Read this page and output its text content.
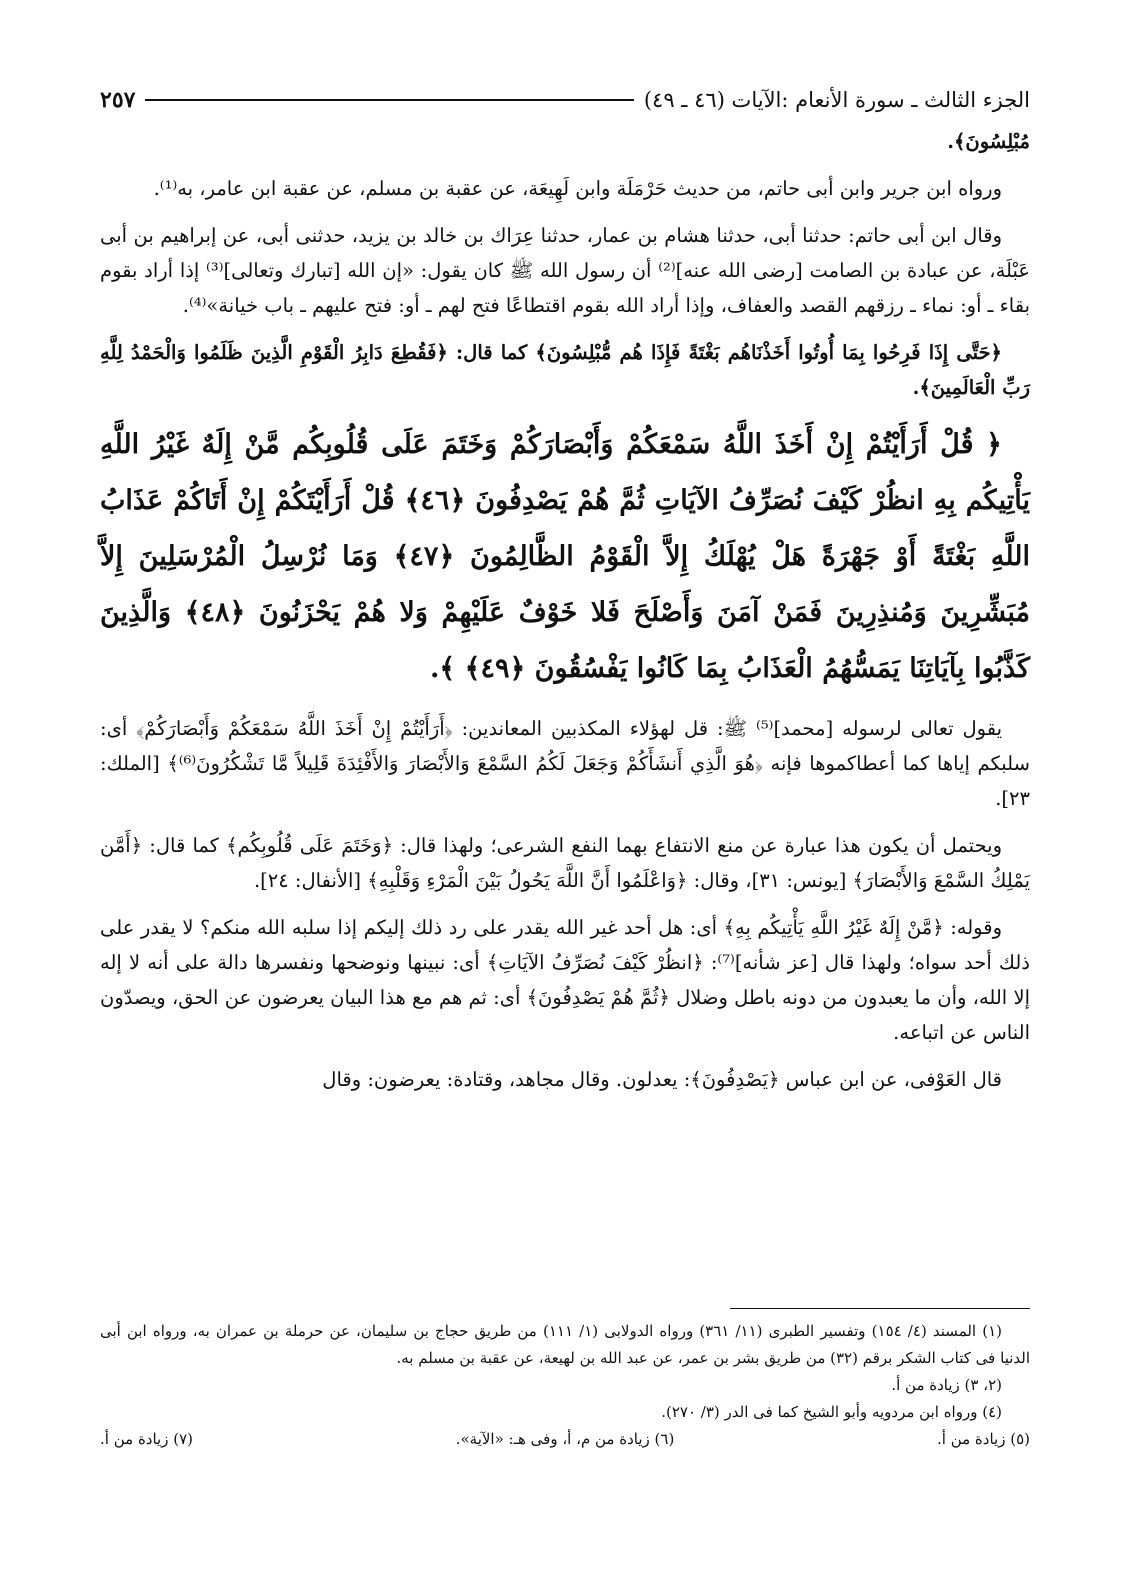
الجزء الثالث ـ سورة الأنعام :الآيات (٤٦ ـ ٤٩)
٢٥٧

مُبْلِسُونَ﴾.

ورواه ابن جرير وابن أبى حاتم، من حديث حَرْمَلَة وابن لَهِيعَة، عن عقبة بن مسلم، عن عقبة ابن عامر، به⁽¹⁾.

وقال ابن أبى حاتم: حدثنا أبى، حدثنا هشام بن عمار، حدثنا عِرَاك بن خالد بن يزيد، حدثنى أبى، عن إبراهيم بن أبى عَبْلَة، عن عبادة بن الصامت [رضى الله عنه]⁽²⁾ أن رسول الله ﷺ كان يقول: «إن الله [تبارك وتعالى]⁽³⁾ إذا أراد بقوم بقاء ـ أو: نماء ـ رزقهم القصد والعفاف، وإذا أراد الله بقوم اقتطاعًا فتح لهم ـ أو: فتح عليهم ـ باب خيانة»⁽⁴⁾.

﴿حَتَّى إِذَا فَرِحُوا بِمَا أُوتُوا أَخَذْنَاهُم بَغْتَةً فَإِذَا هُم مُّبْلِسُونَ﴾ كما قال: ﴿فَقُطِعَ دَابِرُ الْقَوْمِ الَّذِينَ ظَلَمُوا وَالْحَمْدُ لِلَّهِ رَبِّ الْعَالَمِينَ﴾.

﴿ قُلْ أَرَأَيْتُمْ إِنْ أَخَذَ اللَّهُ سَمْعَكُمْ وَأَبْصَارَكُمْ وَخَتَمَ عَلَى قُلُوبِكُم مَّنْ إِلَهٌ غَيْرُ اللَّهِ يَأْتِيكُم بِهِ انظُرْ كَيْفَ نُصَرِّفُ الآيَاتِ ثُمَّ هُمْ يَصْدِفُونَ ﴿٤٦﴾ قُلْ أَرَأَيْتَكُمْ إِنْ أَتَاكُمْ عَذَابُ اللَّهِ بَغْتَةً أَوْ جَهْرَةً هَلْ يُهْلَكُ إِلاَّ الْقَوْمُ الظَّالِمُونَ ﴿٤٧﴾ وَمَا نُرْسِلُ الْمُرْسَلِينَ إِلاَّ مُبَشِّرِينَ وَمُنذِرِينَ فَمَنْ آمَنَ وَأَصْلَحَ فَلا خَوْفٌ عَلَيْهِمْ وَلا هُمْ يَحْزَنُونَ ﴿٤٨﴾ وَالَّذِينَ كَذَّبُوا بِآيَاتِنَا يَمَسُّهُمُ الْعَذَابُ بِمَا كَانُوا يَفْسُقُونَ ﴿٤٩﴾ ﴾.

يقول تعالى لرسوله [محمد]⁽⁵⁾ ﷺ: قل لهؤلاء المكذبين المعاندين: ﴿أَرَأَيْتُمْ إِنْ أَخَذَ اللَّهُ سَمْعَكُمْ وَأَبْصَارَكُمْ﴾ أى: سلبكم إياها كما أعطاكموها فإنه ﴿هُوَ الَّذِي أَنشَأَكُمْ وَجَعَلَ لَكُمُ السَّمْعَ وَالأَبْصَارَ وَالأَفْئِدَةَ قَلِيلاً مَّا تَشْكُرُونَ⁽⁶⁾﴾ [الملك: ٢٣].

ويحتمل أن يكون هذا عبارة عن منع الانتفاع بهما النفع الشرعى؛ ولهذا قال: ﴿وَخَتَمَ عَلَى قُلُوبِكُم﴾ كما قال: ﴿أَمَّن يَمْلِكُ السَّمْعَ وَالأَبْصَارَ﴾ [يونس: ٣١]، وقال: ﴿وَاعْلَمُوا أَنَّ اللَّهَ يَحُولُ بَيْنَ الْمَرْءِ وَقَلْبِهِ﴾ [الأنفال: ٢٤].

وقوله: ﴿مَّنْ إِلَهٌ غَيْرُ اللَّهِ يَأْتِيكُم بِهِ﴾ أى: هل أحد غير الله يقدر على رد ذلك إليكم إذا سلبه الله منكم؟ لا يقدر على ذلك أحد سواه؛ ولهذا قال [عز شأنه]⁽⁷⁾: ﴿انظُرْ كَيْفَ نُصَرِّفُ الآيَاتِ﴾ أى: نبينها ونوضحها ونفسرها دالة على أنه لا إله إلا الله، وأن ما يعبدون من دونه باطل وضلال ﴿ثُمَّ هُمْ يَصْدِفُونَ﴾ أى: ثم هم مع هذا البيان يعرضون عن الحق، ويصدّون الناس عن اتباعه.

قال العَوْفى، عن ابن عباس ﴿يَصْدِفُونَ﴾: يعدلون. وقال مجاهد، وقتادة: يعرضون: وقال

(١) المسند (٤/ ١٥٤) وتفسير الطبرى (١١/ ٣٦١) ورواه الدولابى (١/ ١١١) من طريق حجاج بن سليمان، عن حرملة بن عمران به، ورواه ابن أبى الدنيا فى كتاب الشكر برقم (٣٢) من طريق بشر بن عمر، عن عبد الله بن لهيعة، عن عقبة بن مسلم به.

(٢، ٣) زيادة من أ.

(٤) ورواه ابن مردويه وأبو الشيخ كما فى الدر (٣/ ٢٧٠).

(٥) زيادة من أ.
(٦) زيادة من م، أ، وفى هـ: «الآية».
(٧) زيادة من أ.
